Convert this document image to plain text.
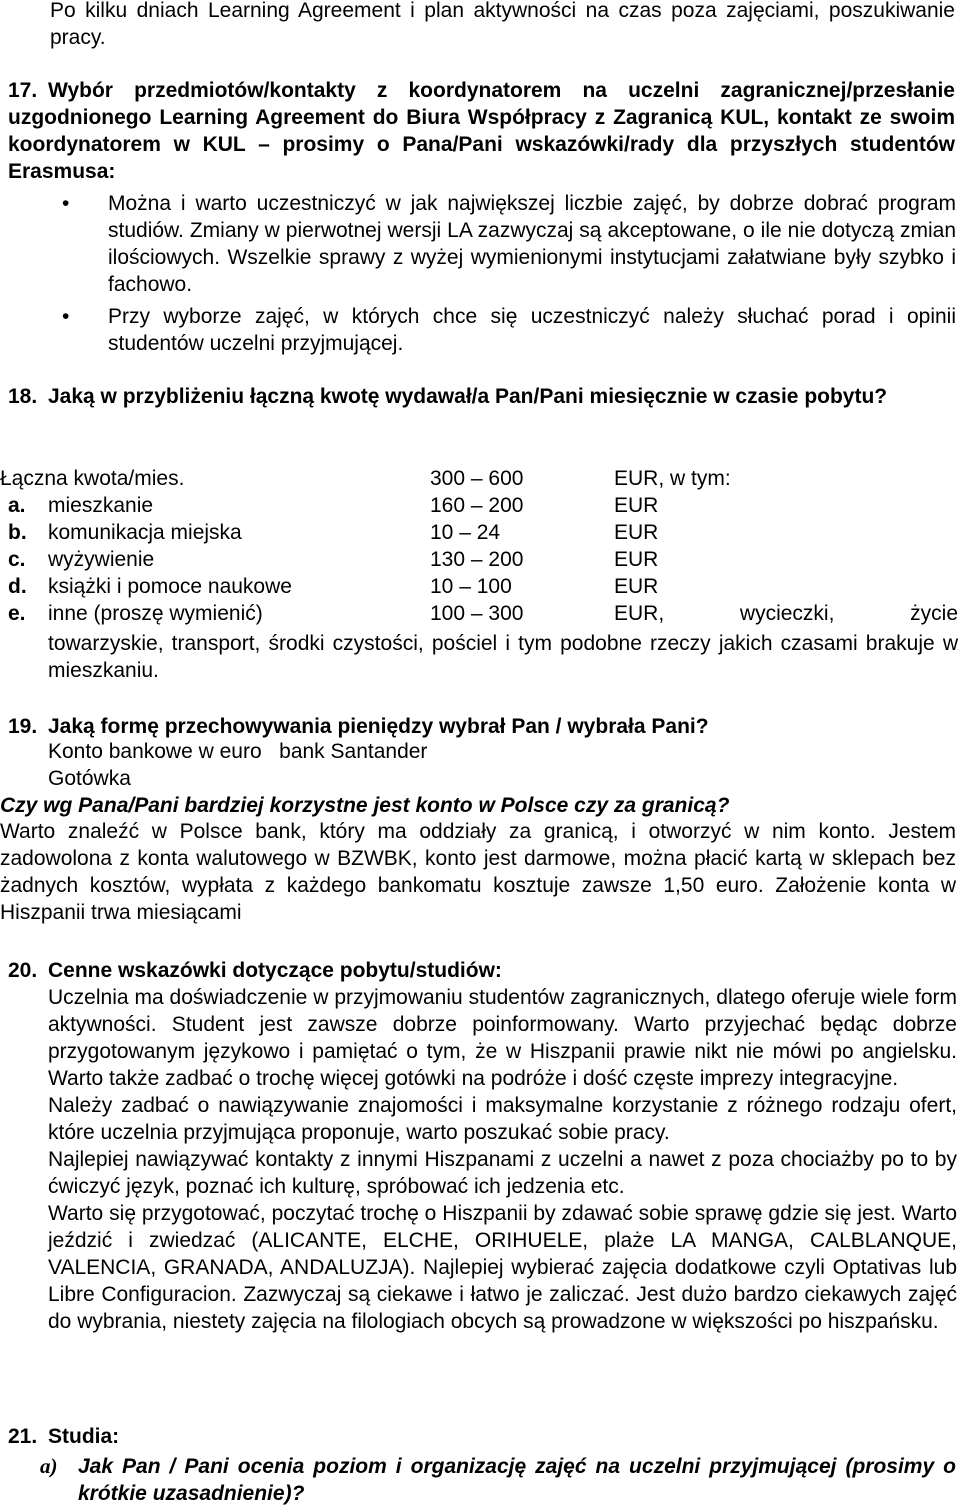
Po kilku dniach Learning Agreement i plan aktywności na czas poza zajęciami, poszukiwanie pracy.
17. Wybór przedmiotów/kontakty z koordynatorem na uczelni zagranicznej/przesłanie uzgodnionego Learning Agreement do Biura Współpracy z Zagranicą KUL, kontakt ze swoim koordynatorem w KUL – prosimy o Pana/Pani wskazówki/rady dla przyszłych studentów Erasmusa:
• Można i warto uczestniczyć w jak największej liczbie zajęć, by dobrze dobrać program studiów. Zmiany w pierwotnej wersji LA zazwyczaj są akceptowane, o ile nie dotyczą zmian ilościowych. Wszelkie sprawy z wyżej wymienionymi instytucjami załatwiane były szybko i fachowo.
• Przy wyborze zajęć, w których chce się uczestniczyć należy słuchać porad i opinii studentów uczelni przyjmującej.
18. Jaką w przybliżeniu łączną kwotę wydawał/a Pan/Pani miesięcznie w czasie pobytu?
Łączna kwota/mies.	300 – 600	EUR, w tym:
a. mieszkanie	160 – 200	EUR
b. komunikacja miejska	10 – 24	EUR
c. wyżywienie	130 – 200	EUR
d. książki i pomoce naukowe	10 – 100	EUR
e. inne (proszę wymienić)	100 – 300	EUR, wycieczki, życie
towarzyskie, transport, środki czystości, pościel i tym podobne rzeczy jakich czasami brakuje w mieszkaniu.
19. Jaką formę przechowywania pieniędzy wybrał Pan / wybrała Pani?
Konto bankowe w euro   bank Santander
Gotówka
Czy wg Pana/Pani bardziej korzystne jest konto w Polsce czy za granicą?
Warto znaleźć w Polsce bank, który ma oddziały za granicą, i otworzyć w nim konto. Jestem zadowolona z konta walutowego w BZWBK, konto jest darmowe, można płacić kartą w sklepach bez żadnych kosztów, wypłata z każdego bankomatu kosztuje zawsze 1,50 euro. Założenie konta w Hiszpanii trwa miesiącami
20. Cenne wskazówki dotyczące pobytu/studiów:
Uczelnia ma doświadczenie w przyjmowaniu studentów zagranicznych, dlatego oferuje wiele form aktywności. Student jest zawsze dobrze poinformowany. Warto przyjechać będąc dobrze przygotowanym językowo i pamiętać o tym, że w Hiszpanii prawie nikt nie mówi po angielsku. Warto także zadbać o trochę więcej gotówki na podróże i dość częste imprezy integracyjne.
Należy zadbać o nawiązywanie znajomości i maksymalne korzystanie z różnego rodzaju ofert, które uczelnia przyjmująca proponuje, warto poszukać sobie pracy.
Najlepiej nawiązywać kontakty z innymi Hiszpanami z uczelni a nawet z poza chociażby po to by ćwiczyć język, poznać ich kulturę, spróbować ich jedzenia etc.
Warto się przygotować, poczytać trochę o Hiszpanii by zdawać sobie sprawę gdzie się jest. Warto jeździć i zwiedzać (ALICANTE, ELCHE, ORIHUELE, plaże LA MANGA, CALBLANQUE, VALENCIA, GRANADA, ANDALUZJA). Najlepiej wybierać zajęcia dodatkowe czyli Optativas lub Libre Configuracion. Zazwyczaj są ciekawe i łatwo je zaliczać. Jest dużo bardzo ciekawych zajęć do wybrania, niestety zajęcia na filologiach obcych są prowadzone w większości po hiszpańsku.
21. Studia:
a) Jak Pan / Pani ocenia poziom i organizację zajęć na uczelni przyjmującej (prosimy o krótkie uzasadnienie)?
